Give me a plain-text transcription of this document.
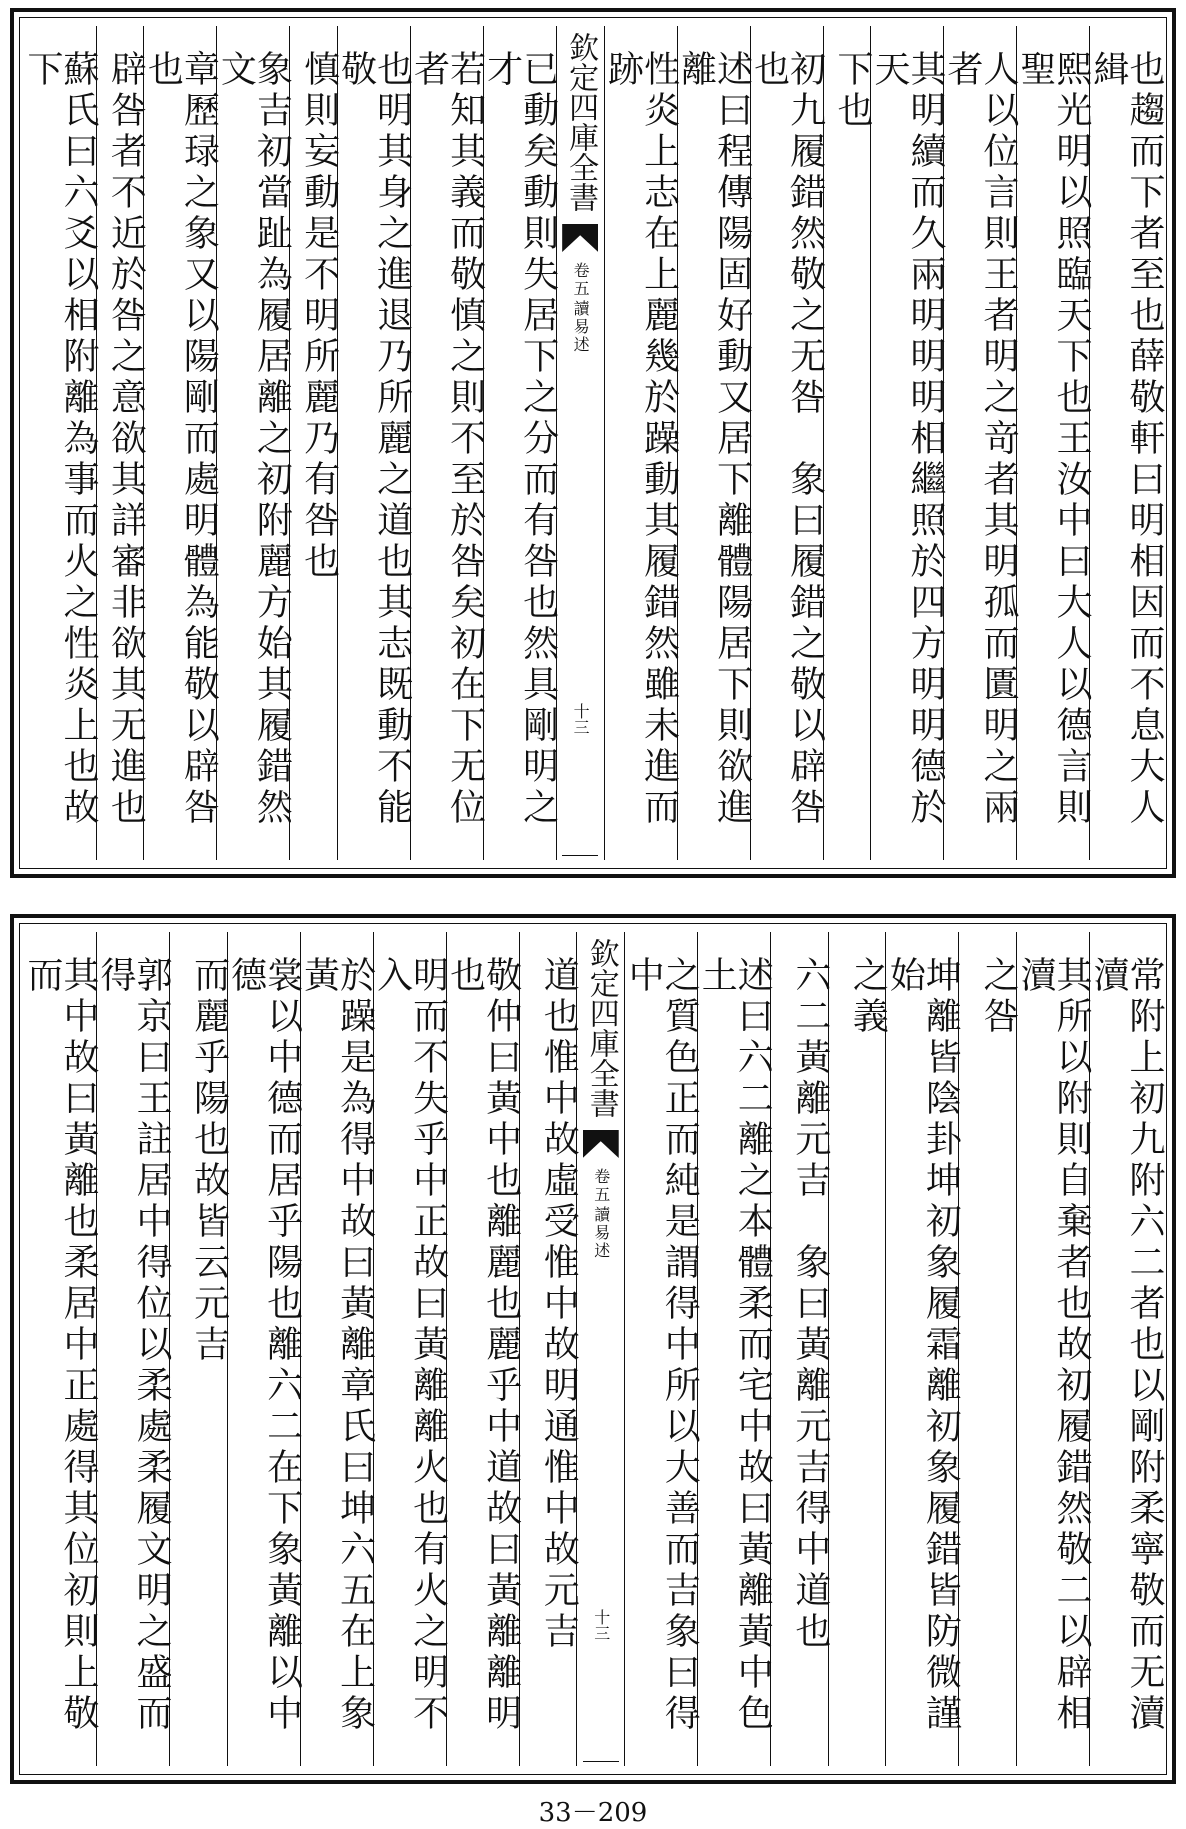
也趨而下者至也薛敬軒曰明相因而不息大人緝
熙光明以照臨天下也王汝中曰大人以德言則聖
人以位言則王者明之竒者其明孤而匱明之兩者
其明續而久兩明明明相繼照於四方明明德於天
下也
初九履錯然敬之无咎　象曰履錯之敬以辟咎也
述曰程傳陽固好動又居下離體陽居下則欲進離
性炎上志在上麗幾於躁動其履錯然雖未進而跡
欽定四庫全書
讀易述
卷五
十三
已動矣動則失居下之分而有咎也然具剛明之才
若知其義而敬慎之則不至於咎矣初在下无位者
也明其身之進退乃所麗之道也其志既動不能敬
慎則妄動是不明所麗乃有咎也
象吉初當趾為履居離之初附麗方始其履錯然文
章歷琭之象又以陽剛而處明體為能敬以辟咎也
辟咎者不近於咎之意欲其詳審非欲其无進也
蘇氏曰六爻以相附離為事而火之性炎上也故下
常附上初九附六二者也以剛附柔寧敬而无瀆瀆
其所以附則自棄者也故初履錯然敬二以辟相瀆
之咎
坤離皆陰卦坤初象履霜離初象履錯皆防微謹始
之義
六二黃離元吉　象曰黃離元吉得中道也
述曰六二離之本體柔而宅中故曰黃離黃中色土
之質色正而純是謂得中所以大善而吉象曰得中
欽定四庫全書
讀易述
卷五
十三
道也惟中故虛受惟中故明通惟中故元吉
敬仲曰黃中也離麗也麗乎中道故曰黃離離明也
明而不失乎中正故曰黃離離火也有火之明不入
於躁是為得中故曰黃離章氏曰坤六五在上象黃
裳以中德而居乎陽也離六二在下象黃離以中德
而麗乎陽也故皆云元吉
郭京曰王註居中得位以柔處柔履文明之盛而得
其中故曰黃離也柔居中正處得其位初則上敬而
33－209
